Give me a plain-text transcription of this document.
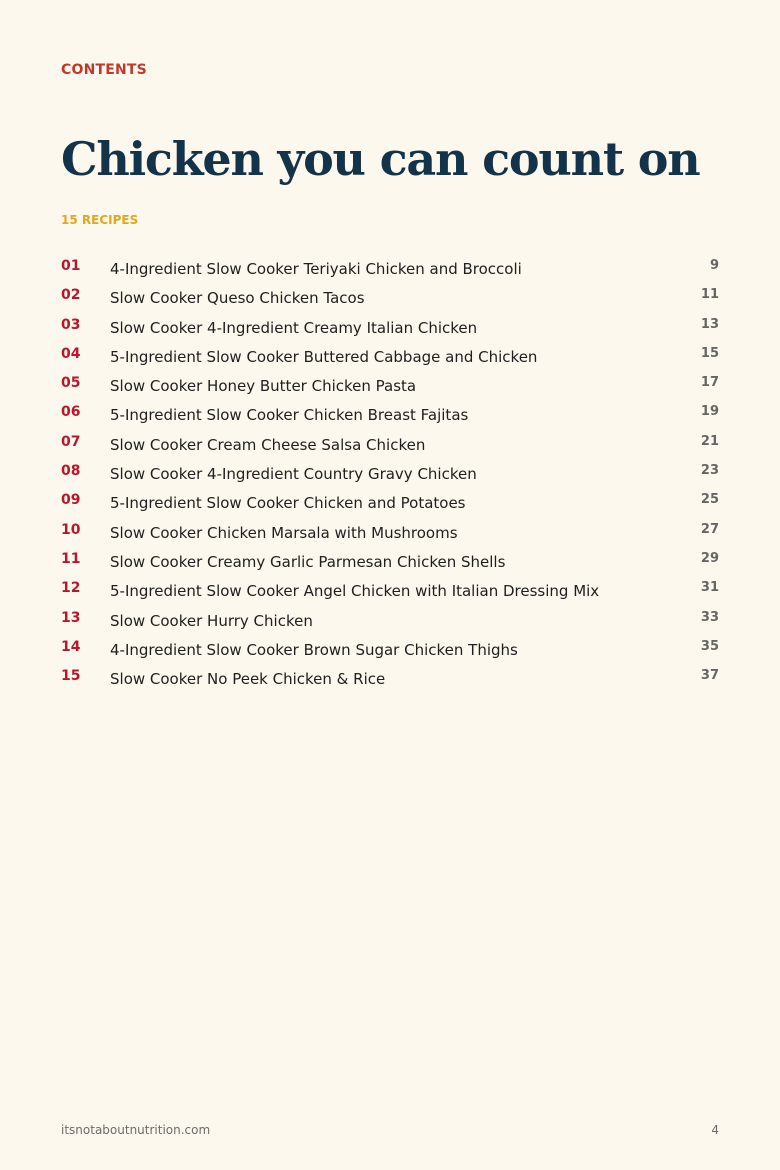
CONTENTS
Chicken you can count on
15 RECIPES
01 4-Ingredient Slow Cooker Teriyaki Chicken and Broccoli	9
02 Slow Cooker Queso Chicken Tacos	11
03 Slow Cooker 4-Ingredient Creamy Italian Chicken	13
04 5-Ingredient Slow Cooker Buttered Cabbage and Chicken	15
05 Slow Cooker Honey Butter Chicken Pasta	17
06 5-Ingredient Slow Cooker Chicken Breast Fajitas	19
07 Slow Cooker Cream Cheese Salsa Chicken	21
08 Slow Cooker 4-Ingredient Country Gravy Chicken	23
09 5-Ingredient Slow Cooker Chicken and Potatoes	25
10 Slow Cooker Chicken Marsala with Mushrooms	27
11 Slow Cooker Creamy Garlic Parmesan Chicken Shells	29
12 5-Ingredient Slow Cooker Angel Chicken with Italian Dressing Mix	31
13 Slow Cooker Hurry Chicken	33
14 4-Ingredient Slow Cooker Brown Sugar Chicken Thighs	35
15 Slow Cooker No Peek Chicken & Rice	37
itsnotaboutnutrition.com	4
